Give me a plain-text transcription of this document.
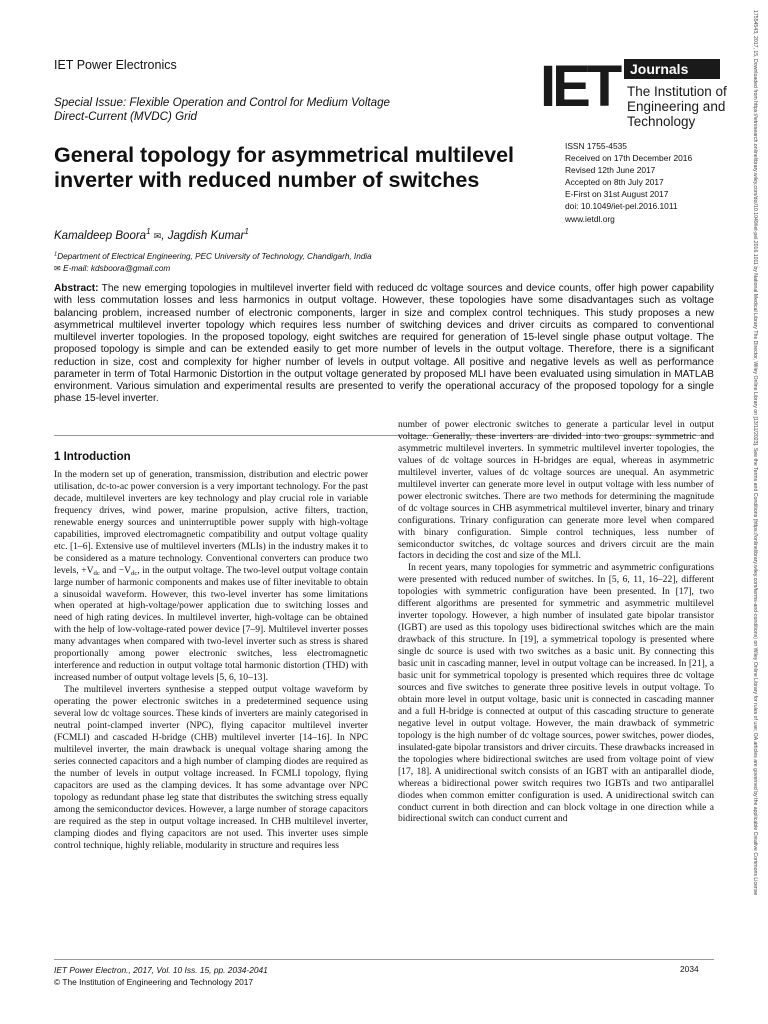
IET Power Electronics
Special Issue: Flexible Operation and Control for Medium Voltage
Direct-Current (MVDC) Grid	IET Journals
The Institution of
Engineering and Technology
General topology for asymmetrical multilevel
inverter with reduced number of switches
ISSN 1755-4535
Received on 17th December 2016
Revised 12th June 2017
Accepted on 8th July 2017
E-First on 31st August 2017
doi: 10.1049/iet-pel.2016.1011
www.ietdl.org
Kamaldeep Boora$^1$ ✉, Jagdish Kumar$^1$
$^1$Department of Electrical Engineering, PEC University of Technology, Chandigarh, India
✉ E-mail: kdsboora@gmail.com
Abstract: The new emerging topologies in multilevel inverter field with reduced dc voltage sources and device counts, offer high power capability with less commutation losses and less harmonics in output voltage. However, these topologies have some disadvantages such as voltage balancing problem, increased number of electronic components, larger in size and complex control techniques. This study proposes a new asymmetrical multilevel inverter topology which requires less number of switching devices and driver circuits as compared to conventional multilevel inverter topologies. In the proposed topology, eight switches are required for generation of 15-level single phase output voltage. The proposed topology is simple and can be extended easily to get more number of levels in the output voltage. Therefore, there is a significant reduction in size, cost and complexity for higher number of levels in output voltage. All positive and negative levels as well as performance parameter in term of Total Harmonic Distortion in the output voltage generated by proposed MLI have been evaluated using simulation in MATLAB environment. Various simulation and experimental results are presented to verify the operational accuracy of the proposed topology for a single phase 15-level inverter.
1 Introduction

In the modern set up of generation, transmission, distribution and electric power utilisation, dc-to-ac power conversion is a very important technology. For the past decade, multilevel inverters are key technology and play crucial role in variable frequency drives, wind power, marine propulsion, active filters, traction, renewable energy sources and uninterruptible power supply with high-voltage capabilities, improved electromagnetic compatibility and output voltage quality etc. [1–6]. Extensive use of multilevel inverters (MLIs) in the industry makes it to be considered as a mature technology. Conventional converters can produce two levels, $+V_{dc}$ and $-V_{dc}$, in the output voltage. The two-level output voltage contain large number of harmonic components and makes use of filter inevitable to obtain a sinusoidal waveform. However, this two-level inverter has some limitations when operated at high-voltage/power application due to switching losses and need of high rating devices. In multilevel inverter, high-voltage can be obtained with the help of low-voltage-rated power device [7–9]. Multilevel inverter posses many advantages when compared with two-level inverter such as stress is shared proportionally among power electronic switches, less electromagnetic interference and reduction in output voltage total harmonic distortion (THD) with increased number of output voltage levels [5, 6, 10–13].

The multilevel inverters synthesise a stepped output voltage waveform by operating the power electronic switches in a predetermined sequence using several low dc voltage sources. These kinds of inverters are mainly categorised in neutral point-clamped inverter (NPC), flying capacitor multilevel inverter (FCMLI) and cascaded H-bridge (CHB) multilevel inverter [14–16]. In NPC multilevel inverter, the main drawback is unequal voltage sharing among the series connected capacitors and a high number of clamping diodes are required as the number of levels in output voltage increased. In FCMLI topology, flying capacitors are used as the clamping devices. It has some advantage over NPC topology as redundant phase leg state that distributes the switching stress equally among the semiconductor devices. However, a large number of storage capacitors are required as the step in output voltage increased. In CHB multilevel inverter, clamping diodes and flying capacitors are not used. This inverter uses simple control technique, highly reliable, modularity in structure and requires less

number of power electronic switches to generate a particular level in output voltage. Generally, these inverters are divided into two groups: symmetric and asymmetric multilevel inverters. In symmetric multilevel inverter topologies, the values of dc voltage sources in H-bridges are equal, whereas in asymmetric multilevel inverter, values of dc voltage sources are unequal. An asymmetric multilevel inverter can generate more level in output voltage with less number of power electronic switches. There are two methods for determining the magnitude of dc voltage sources in CHB asymmetrical multilevel inverter, binary and trinary configurations. Trinary configuration can generate more level when compared with binary configuration. Simple control techniques, less number of semiconductor switches, dc voltage sources and drivers circuit are the main factors in deciding the cost and size of the MLI.

In recent years, many topologies for symmetric and asymmetric configurations were presented with reduced number of switches. In [5, 6, 11, 16–22], different topologies with symmetric configuration have been presented. In [17], two different algorithms are presented for symmetric and asymmetric multilevel inverter topology. However, a high number of insulated gate bipolar transistor (IGBT) are used as this topology uses bidirectional switches which are the main drawback of this structure. In [19], a symmetrical topology is presented where single dc source is used with two switches as a basic unit. By connecting this basic unit in cascading manner, level in output voltage can be increased. In [21], a basic unit for symmetrical topology is presented which requires three dc voltage sources and five switches to generate three positive levels in output voltage. To obtain more level in output voltage, basic unit is connected in cascading manner and a full H-bridge is connected at output of this cascading structure to generate negative level in output voltage. However, the main drawback of symmetric topology is the high number of dc voltage sources, power switches, power diodes, insulated-gate bipolar transistors and driver circuits. These drawbacks increased in the topologies where bidirectional switches are used from voltage point of view [17, 18]. A unidirectional switch consists of an IGBT with an antiparallel diode, whereas a bidirectional power switch requires two IGBTs and two antiparallel diodes when common emitter configuration is used. A unidirectional switch can conduct current in both direction and can block voltage in one direction while a bidirectional switch can conduct current and

IET Power Electron., 2017, Vol. 10 Iss. 15, pp. 2034-2041
© The Institution of Engineering and Technology 2017
2034
17554543, 2017, 15, Downloaded from https://ietresearch.onlinelibrary.wiley.com/doi/10.1049/iet-pel.2016.1011 by National Medical Library The Director, Wiley Online Library on [13/11/2023]. See the Terms and Conditions (https://onlinelibrary.wiley.com/terms-and-conditions) on Wiley Online Library for rules of use; OA articles are governed by the applicable Creative Commons License
